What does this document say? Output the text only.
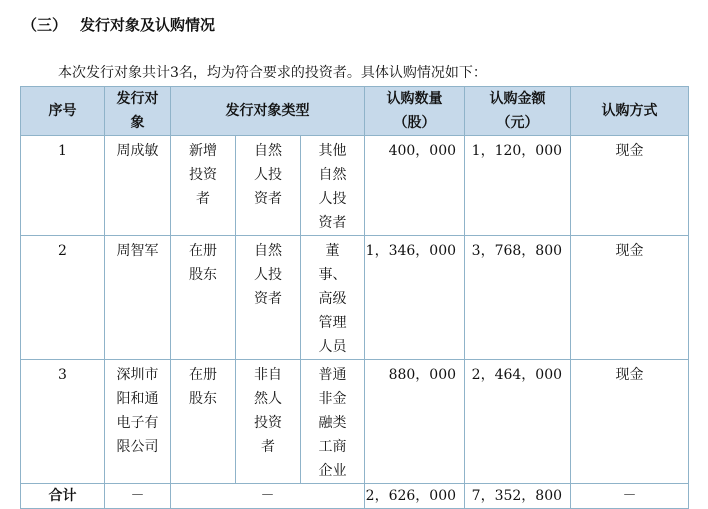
（三） 发行对象及认购情况
本次发行对象共计3名，均为符合要求的投资者。具体认购情况如下：
序号	发行对象	发行对象类型			认购数量（股）	认购金额（元）	认购方式
1	周成敏	新增投资者	自然人投资者	其他自然人投资者	400，000	1，120，000	现金
2	周智军	在册股东	自然人投资者	董事、高级管理人员	1，346，000	3，768，800	现金
3	深圳市阳和通电子有限公司	在册股东	非自然人投资者	普通非金融类工商企业	880，000	2，464，000	现金
合计	－	－			2，626，000	7，352，800	－
